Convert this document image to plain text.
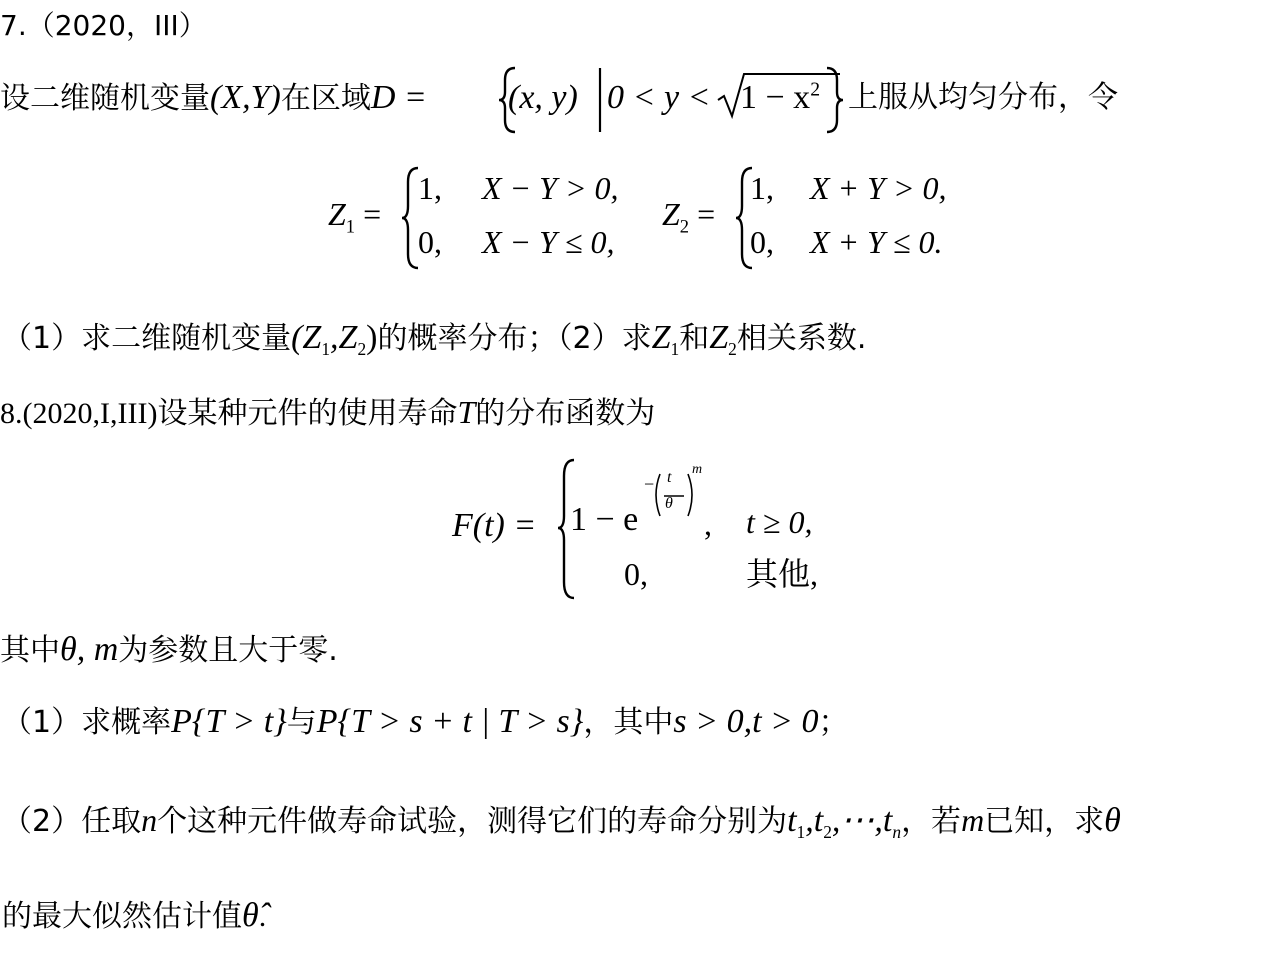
7.（2020，III）
设二维随机变量(X,Y)在区域D = (x, y) $0 < y < 1 - x^2$ 上服从均匀分布，令
$Z_1$ =
1, X − Y > 0,
0, X − Y ≤ 0,
$Z_2$ =
1, X + Y > 0,
0, X + Y ≤ 0.
（1）求二维随机变量$(Z_1,Z_2)$的概率分布；（2）求$Z_1$和$Z_2$相关系数.
8.(2020,I,III)设某种元件的使用寿命T的分布函数为
F(t) = 1 − e
− t
θ
m
, t ≥ 0,
0,	其他,
其中θ, m为参数且大于零.
（1）求概率P{T > t}与P{T > s + t | T > s}，其中s > 0,t > 0；
（2）任取n个这种元件做寿命试验，测得它们的寿命分别为$t_1,t_2,\cdots,t_n$，若m已知，求θ
的最大似然估计值θ̂.
